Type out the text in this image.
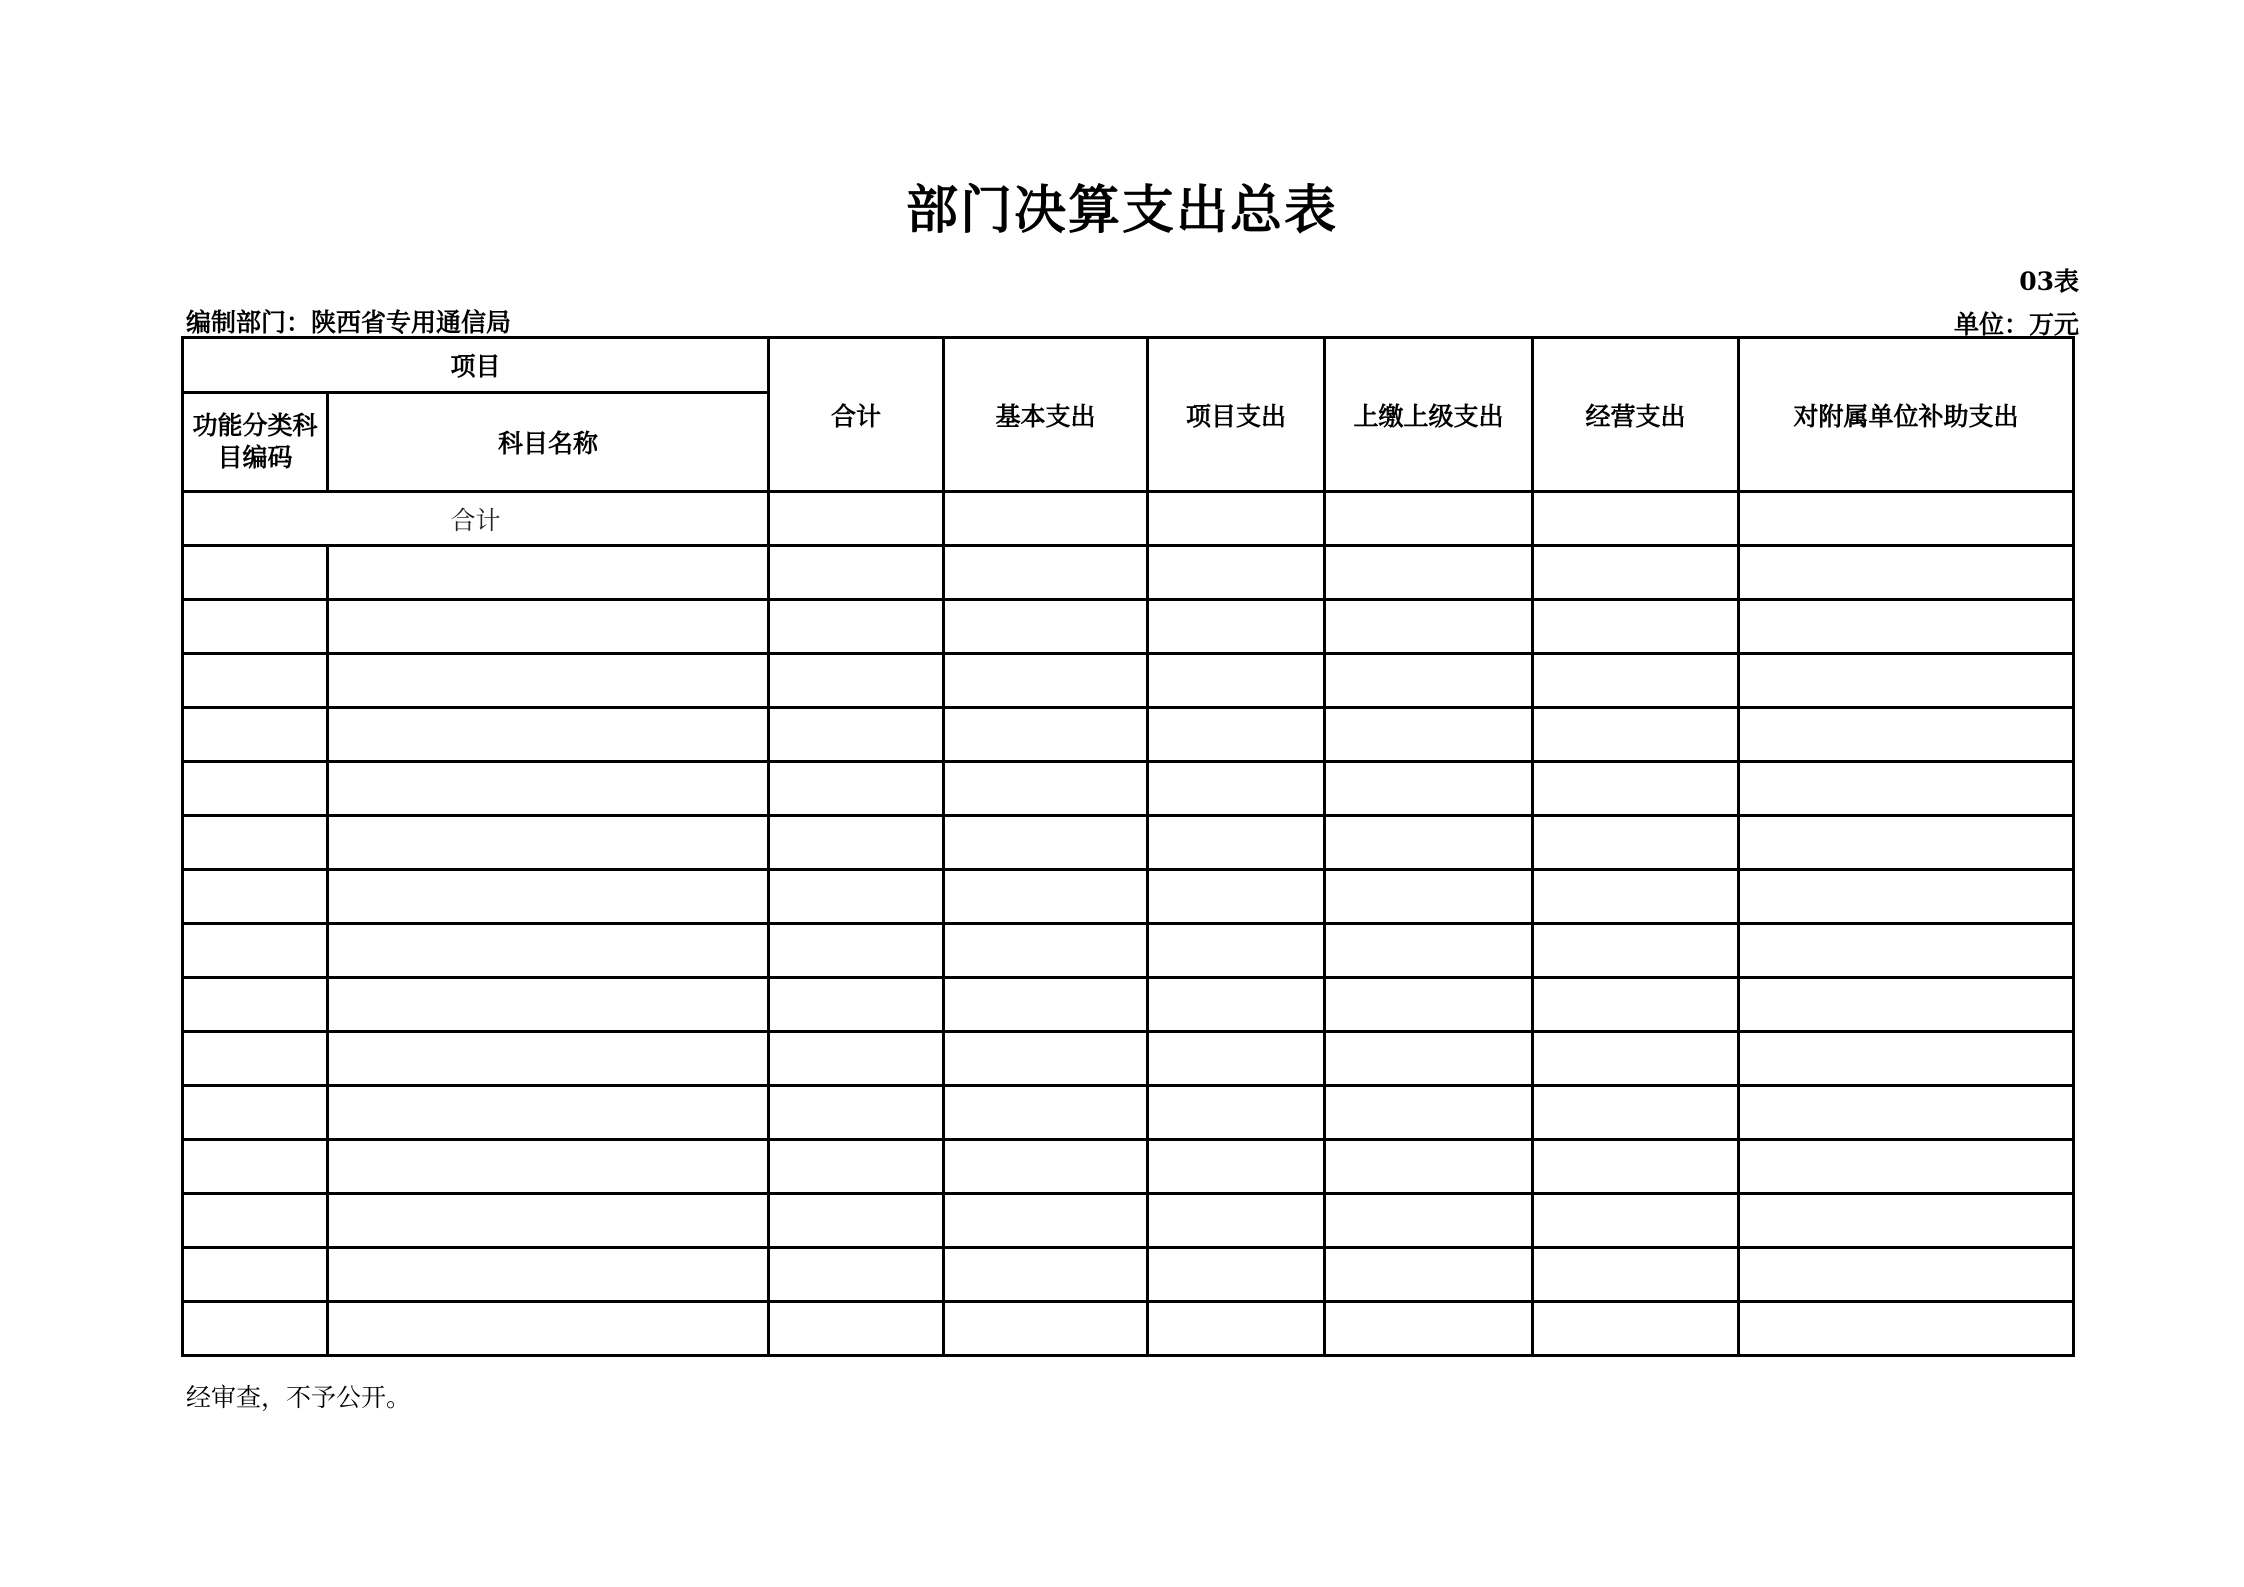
部门决算支出总表
03表
编制部门：陕西省专用通信局	单位：万元
项目		合计	基本支出	项目支出	上缴上级支出	经营支出	对附属单位补助支出
功能分类科目编码	科目名称						
合计							

经审查，不予公开。
